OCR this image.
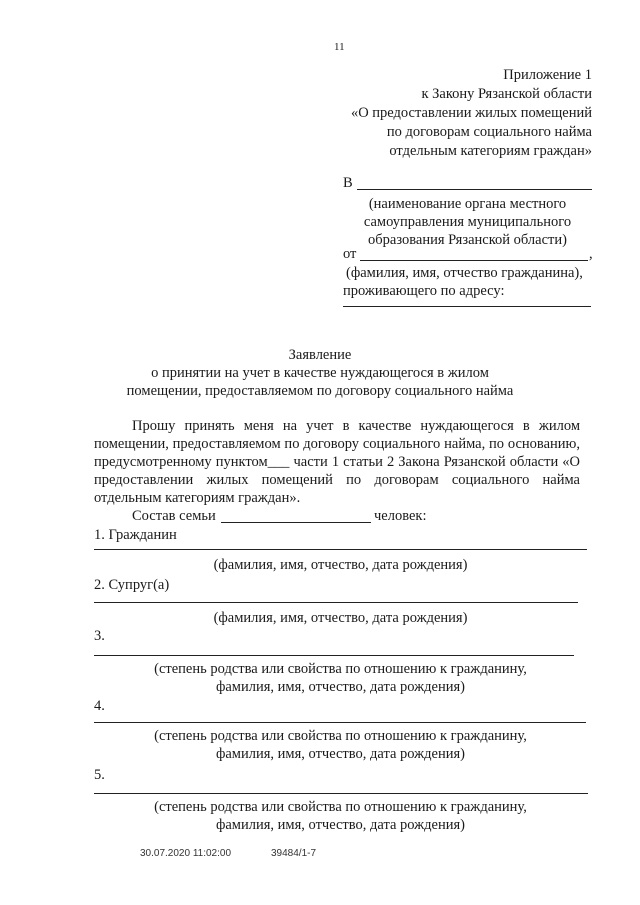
11
Приложение 1
к Закону Рязанской области
«О предоставлении жилых помещений
по договорам социального найма
отдельным категориям граждан»
В
(наименование органа местного
самоуправления муниципального
образования Рязанской области)
от	,
(фамилия, имя, отчество гражданина),
проживающего по адресу:
Заявление
о принятии на учет в качестве нуждающегося в жилом
помещении, предоставляемом по договору социального найма
Прошу принять меня на учет в качестве нуждающегося в жилом помещении, предоставляемом по договору социального найма, по основанию, предусмотренному пунктом___ части 1 статьи 2 Закона Рязанской области «О предоставлении жилых помещений по договорам социального найма отдельным категориям граждан».
Состав семьи	человек:
1. Гражданин
(фамилия, имя, отчество, дата рождения)
2. Супруг(а)
(фамилия, имя, отчество, дата рождения)
3.
(степень родства или свойства по отношению к гражданину,
фамилия, имя, отчество, дата рождения)
4.
(степень родства или свойства по отношению к гражданину,
фамилия, имя, отчество, дата рождения)
5.
(степень родства или свойства по отношению к гражданину,
фамилия, имя, отчество, дата рождения)
30.07.2020 11:02:00	39484/1-7
